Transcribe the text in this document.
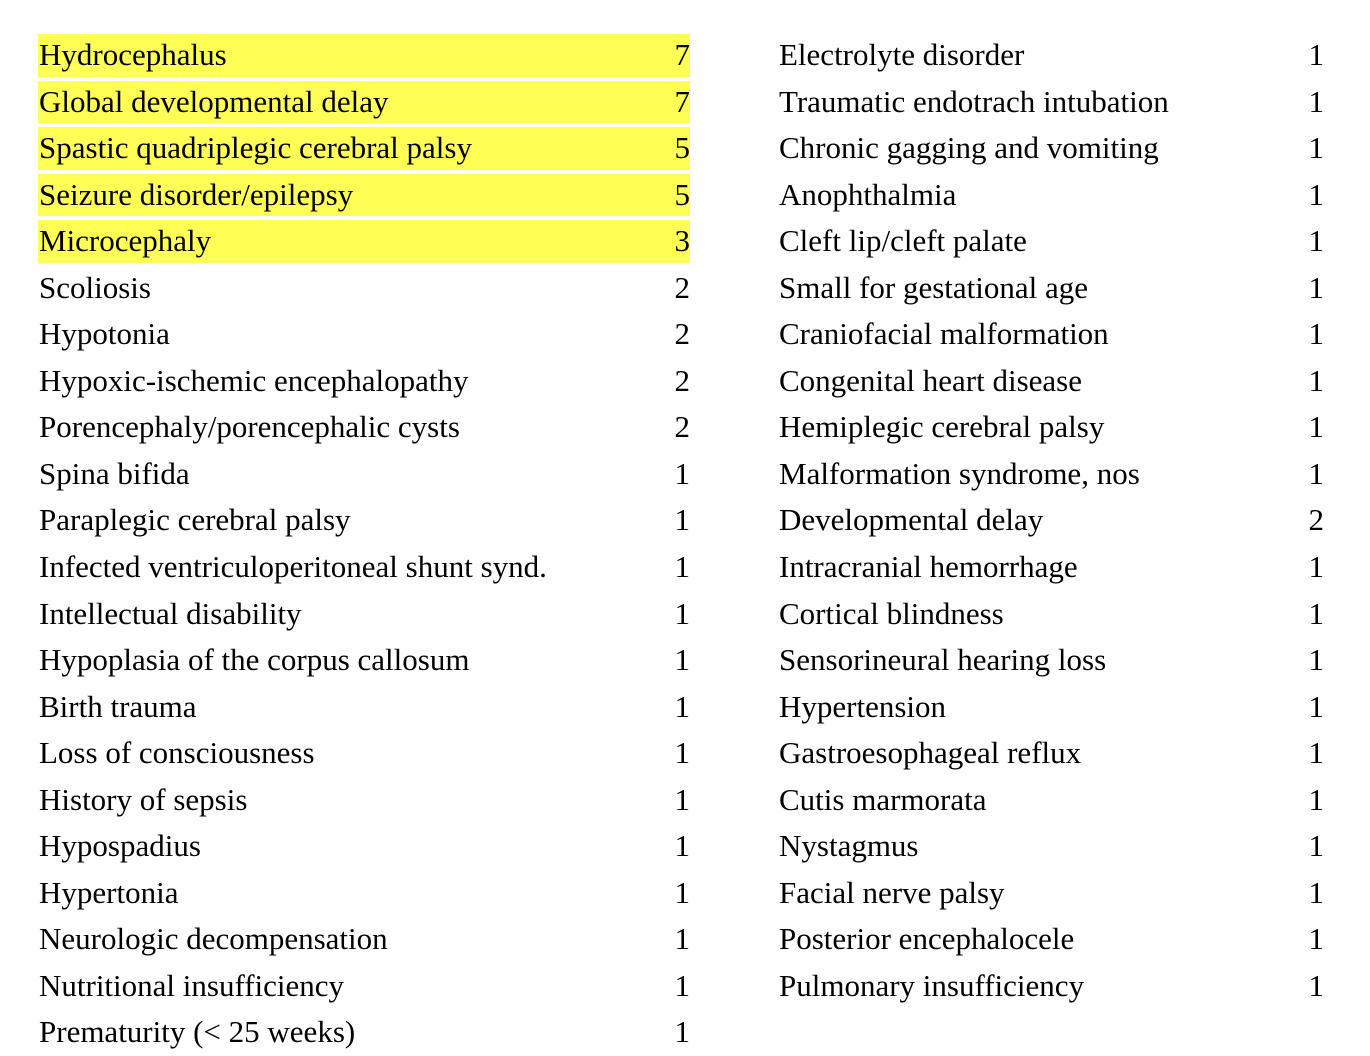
Hydrocephalus	7
Global developmental delay	7
Spastic quadriplegic cerebral palsy	5
Seizure disorder/epilepsy	5
Microcephaly	3
Scoliosis	2
Hypotonia	2
Hypoxic-ischemic encephalopathy	2
Porencephaly/porencephalic cysts	2
Spina bifida	1
Paraplegic cerebral palsy	1
Infected ventriculoperitoneal shunt synd.	1
Intellectual disability	1
Hypoplasia of the corpus callosum	1
Birth trauma	1
Loss of consciousness	1
History of sepsis	1
Hypospadius	1
Hypertonia	1
Neurologic decompensation	1
Nutritional insufficiency	1
Prematurity (< 25 weeks)	1
Electrolyte disorder	1
Traumatic endotrach intubation	1
Chronic gagging and vomiting	1
Anophthalmia	1
Cleft lip/cleft palate	1
Small for gestational age	1
Craniofacial malformation	1
Congenital heart disease	1
Hemiplegic cerebral palsy	1
Malformation syndrome, nos	1
Developmental delay	2
Intracranial hemorrhage	1
Cortical blindness	1
Sensorineural hearing loss	1
Hypertension	1
Gastroesophageal reflux	1
Cutis marmorata	1
Nystagmus	1
Facial nerve palsy	1
Posterior encephalocele	1
Pulmonary insufficiency	1
